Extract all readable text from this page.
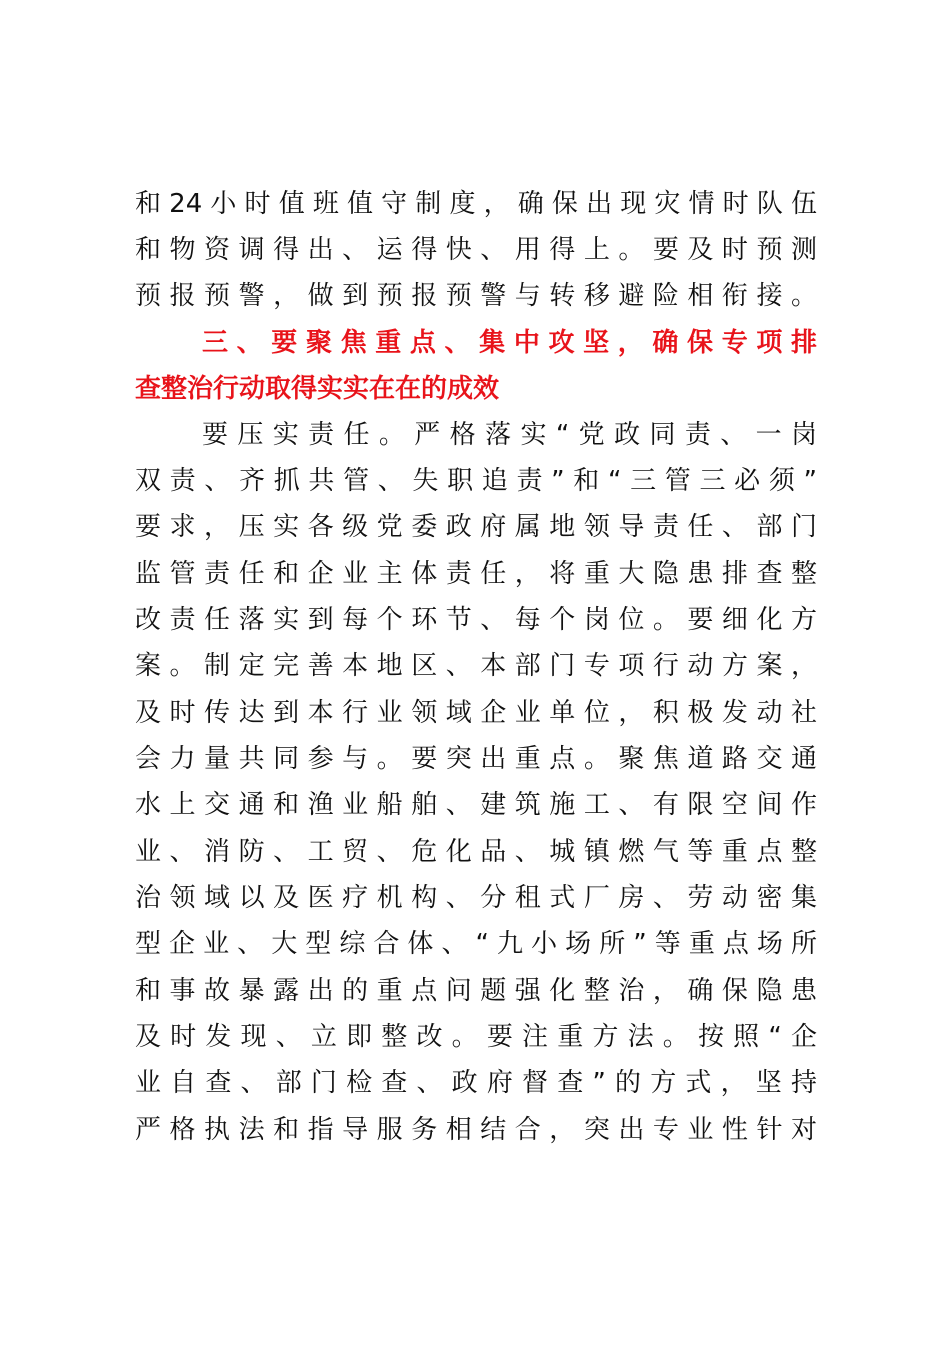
和24小时值班值守制度，确保出现灾情时队伍
和物资调得出、运得快、用得上。要及时预测
预报预警，做到预报预警与转移避险相衔接。
三、要聚焦重点、集中攻坚，确保专项排
查整治行动取得实实在在的成效
要压实责任。严格落实“党政同责、一岗
双责、齐抓共管、失职追责”和“三管三必须”
要求，压实各级党委政府属地领导责任、部门
监管责任和企业主体责任，将重大隐患排查整
改责任落实到每个环节、每个岗位。要细化方
案。制定完善本地区、本部门专项行动方案，
及时传达到本行业领域企业单位，积极发动社
会力量共同参与。要突出重点。聚焦道路交通
水上交通和渔业船舶、建筑施工、有限空间作
业、消防、工贸、危化品、城镇燃气等重点整
治领域以及医疗机构、分租式厂房、劳动密集
型企业、大型综合体、“九小场所”等重点场所
和事故暴露出的重点问题强化整治，确保隐患
及时发现、立即整改。要注重方法。按照“企
业自查、部门检查、政府督查”的方式，坚持
严格执法和指导服务相结合，突出专业性针对
